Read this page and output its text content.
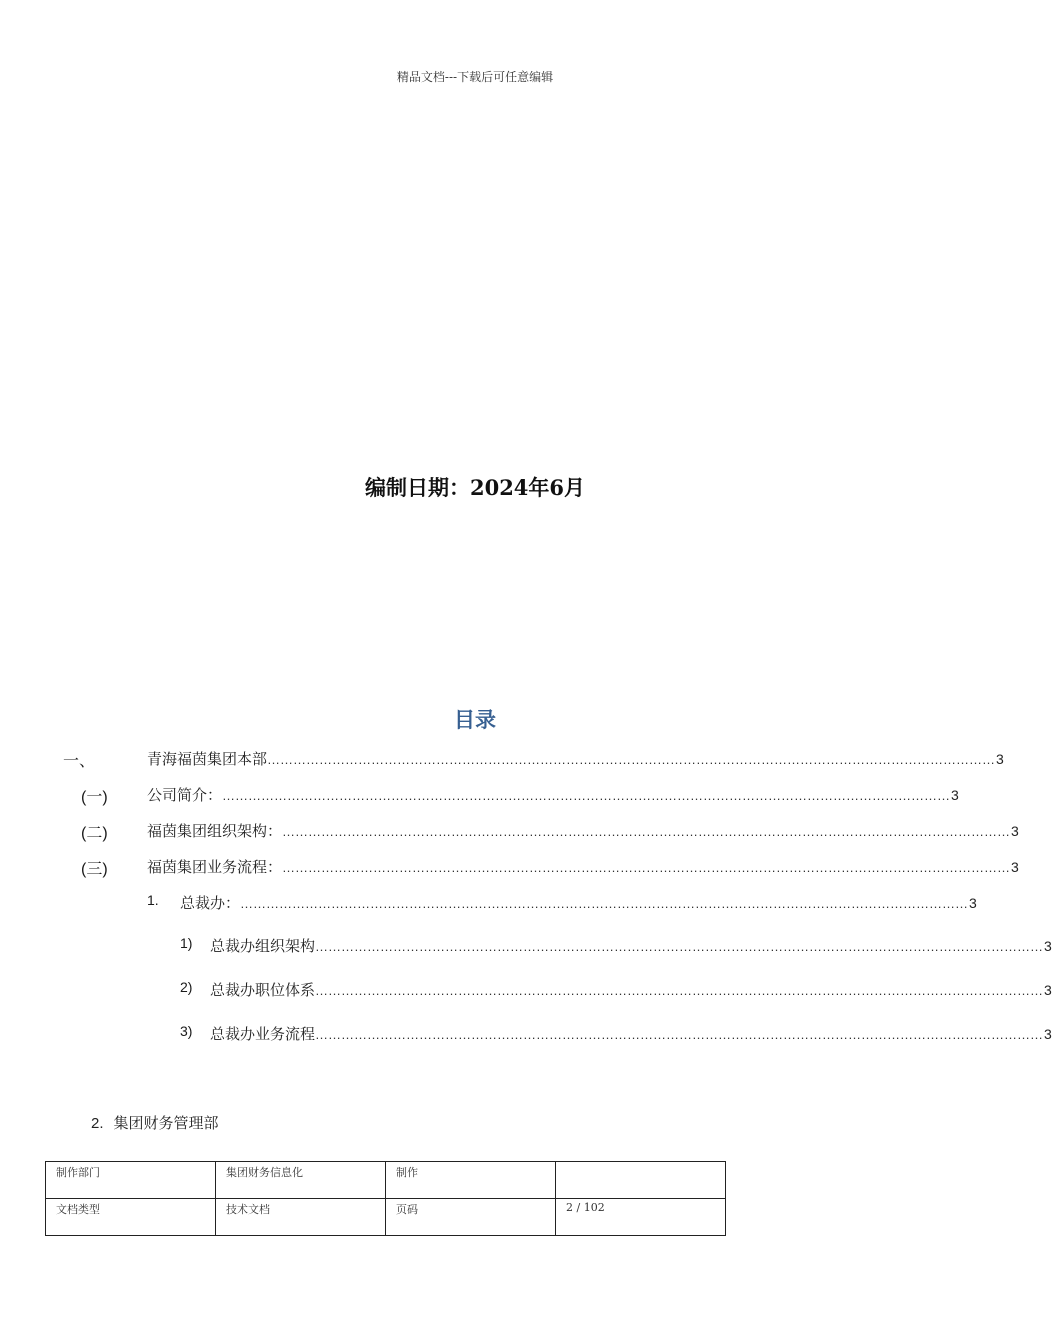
精品文档---下载后可任意编辑
编制日期：2024年6月
目录
一、	青海福茵集团本部 …………………………………………………………………………………………………………………………………………………… 3
(一)	公司简介： …………………………………………………………………………………………………………………………………………………… 3
(二)	福茵集团组织架构： …………………………………………………………………………………………………………………………………………………… 3
(三)	福茵集团业务流程： …………………………………………………………………………………………………………………………………………………… 3
1. 总裁办： …………………………………………………………………………………………………………………………………………………… 3
1) 总裁办组织架构 …………………………………………………………………………………………………………………………………………………… 3
2) 总裁办职位体系 …………………………………………………………………………………………………………………………………………………… 3
3) 总裁办业务流程 …………………………………………………………………………………………………………………………………………………… 3
2. 集团财务管理部
制作部门	集团财务信息化	制作	
文档类型	技术文档	页码	2 / 102
